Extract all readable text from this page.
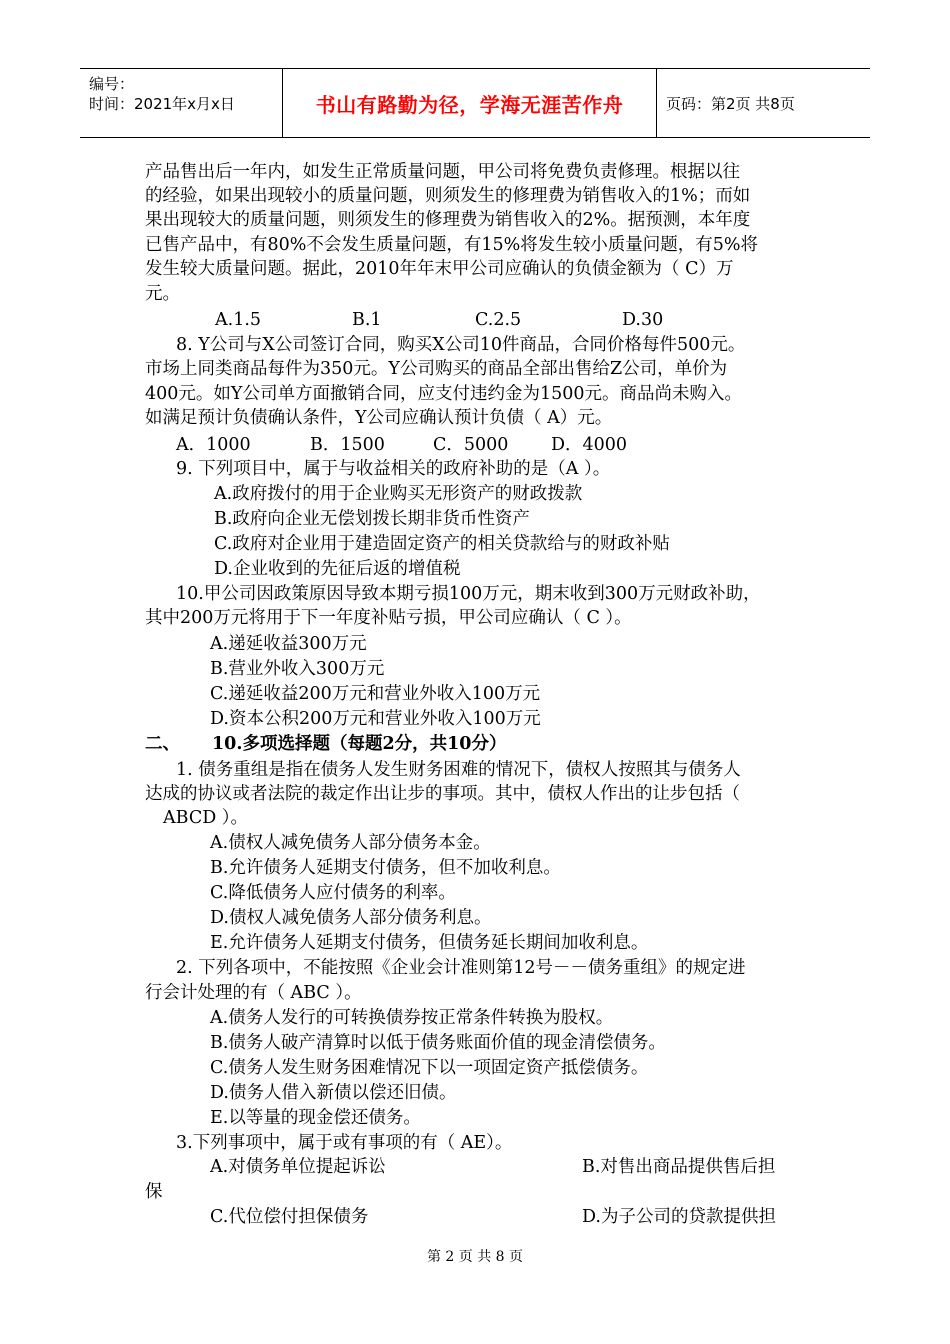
编号：
时间：2021年x月x日	书山有路勤为径，学海无涯苦作舟	页码：第2页 共8页
产品售出后一年内，如发生正常质量问题，甲公司将免费负责修理。根据以往
的经验，如果出现较小的质量问题，则须发生的修理费为销售收入的1%；而如
果出现较大的质量问题，则须发生的修理费为销售收入的2%。据预测，本年度
已售产品中，有80%不会发生质量问题，有15%将发生较小质量问题，有5%将
发生较大质量问题。据此，2010年年末甲公司应确认的负债金额为（ C）万
元。
A.1.5	B.1	C.2.5	D.30
8. Y公司与X公司签订合同，购买X公司10件商品，合同价格每件500元。
市场上同类商品每件为350元。Y公司购买的商品全部出售给Z公司，单价为
400元。如Y公司单方面撤销合同，应支付违约金为1500元。商品尚未购入。
如满足预计负债确认条件，Y公司应确认预计负债（ A）元。
A．1000	B．1500	C．5000 D．4000
9. 下列项目中，属于与收益相关的政府补助的是（A ）。
A.政府拨付的用于企业购买无形资产的财政拨款
B.政府向企业无偿划拨长期非货币性资产
C.政府对企业用于建造固定资产的相关贷款给与的财政补贴
D.企业收到的先征后返的增值税
10.甲公司因政策原因导致本期亏损100万元，期末收到300万元财政补助，
其中200万元将用于下一年度补贴亏损，甲公司应确认（ C ）。
A.递延收益300万元
B.营业外收入300万元
C.递延收益200万元和营业外收入100万元
D.资本公积200万元和营业外收入100万元
二、 10.多项选择题（每题2分，共10分）
1. 债务重组是指在债务人发生财务困难的情况下，债权人按照其与债务人
达成的协议或者法院的裁定作出让步的事项。其中，债权人作出的让步包括（
ABCD ）。
A.债权人减免债务人部分债务本金。
B.允许债务人延期支付债务，但不加收利息。
C.降低债务人应付债务的利率。
D.债权人减免债务人部分债务利息。
E.允许债务人延期支付债务，但债务延长期间加收利息。
2. 下列各项中，不能按照《企业会计准则第12号－－债务重组》的规定进
行会计处理的有（ ABC ）。
A.债务人发行的可转换债券按正常条件转换为股权。
B.债务人破产清算时以低于债务账面价值的现金清偿债务。
C.债务人发生财务困难情况下以一项固定资产抵偿债务。
D.债务人借入新债以偿还旧债。
E.以等量的现金偿还债务。
3.下列事项中，属于或有事项的有（ AE）。
A.对债务单位提起诉讼	B.对售出商品提供售后担
保
C.代位偿付担保债务	D.为子公司的贷款提供担
第 2 页 共 8 页
